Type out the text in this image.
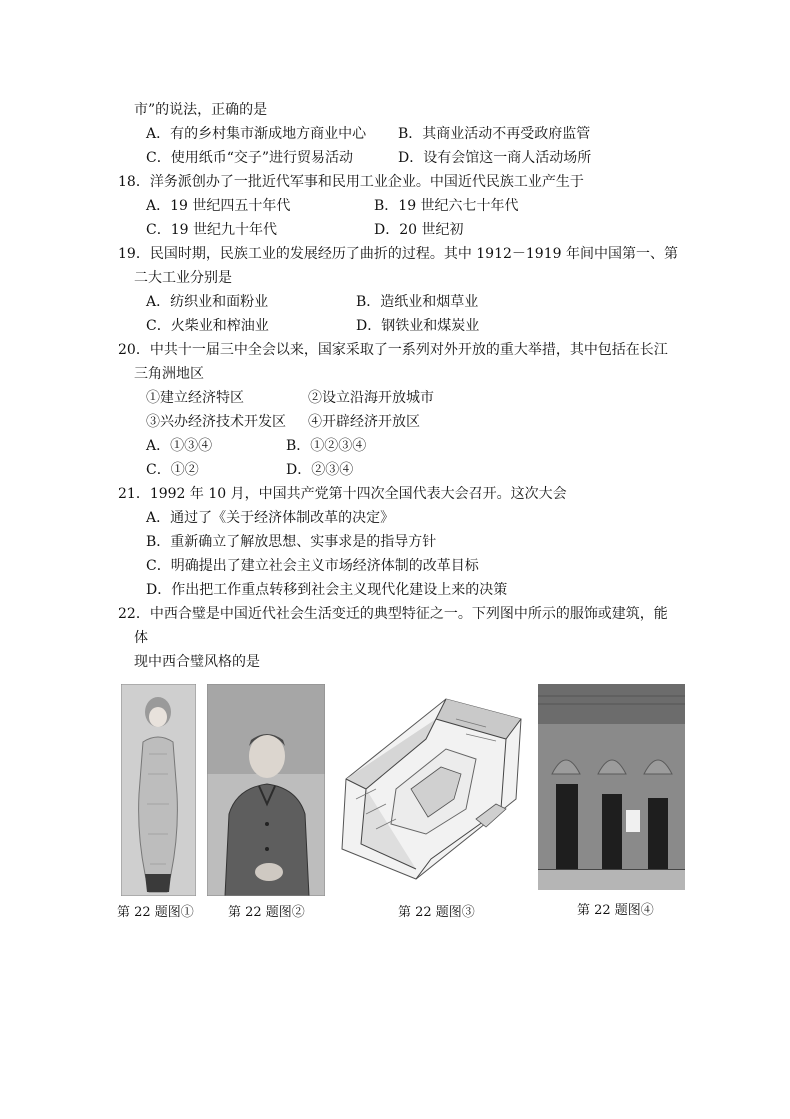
市”的说法，正确的是
A．有的乡村集市渐成地方商业中心 B．其商业活动不再受政府监管
C．使用纸币“交子”进行贸易活动	D．设有会馆这一商人活动场所
18．洋务派创办了一批近代军事和民用工业企业。中国近代民族工业产生于
A．19 世纪四五十年代	B．19 世纪六七十年代
C．19 世纪九十年代	D．20 世纪初
19．民国时期，民族工业的发展经历了曲折的过程。其中 1912－1919 年间中国第一、第
二大工业分别是
A．纺织业和面粉业	B．造纸业和烟草业
C．火柴业和榨油业	D．钢铁业和煤炭业
20．中共十一届三中全会以来，国家采取了一系列对外开放的重大举措，其中包括在长江
三角洲地区
①建立经济特区	②设立沿海开放城市
③兴办经济技术开发区 ④开辟经济开放区
A．①③④	B．①②③④
C．①②	D．②③④
21．1992 年 10 月，中国共产党第十四次全国代表大会召开。这次大会
A．通过了《关于经济体制改革的决定》
B．重新确立了解放思想、实事求是的指导方针
C．明确提出了建立社会主义市场经济体制的改革目标
D．作出把工作重点转移到社会主义现代化建设上来的决策
22．中西合璧是中国近代社会生活变迁的典型特征之一。下列图中所示的服饰或建筑，能
体
现中西合璧风格的是
第 22 题图①	第 22 题图②	第 22 题图③	第 22 题图④
